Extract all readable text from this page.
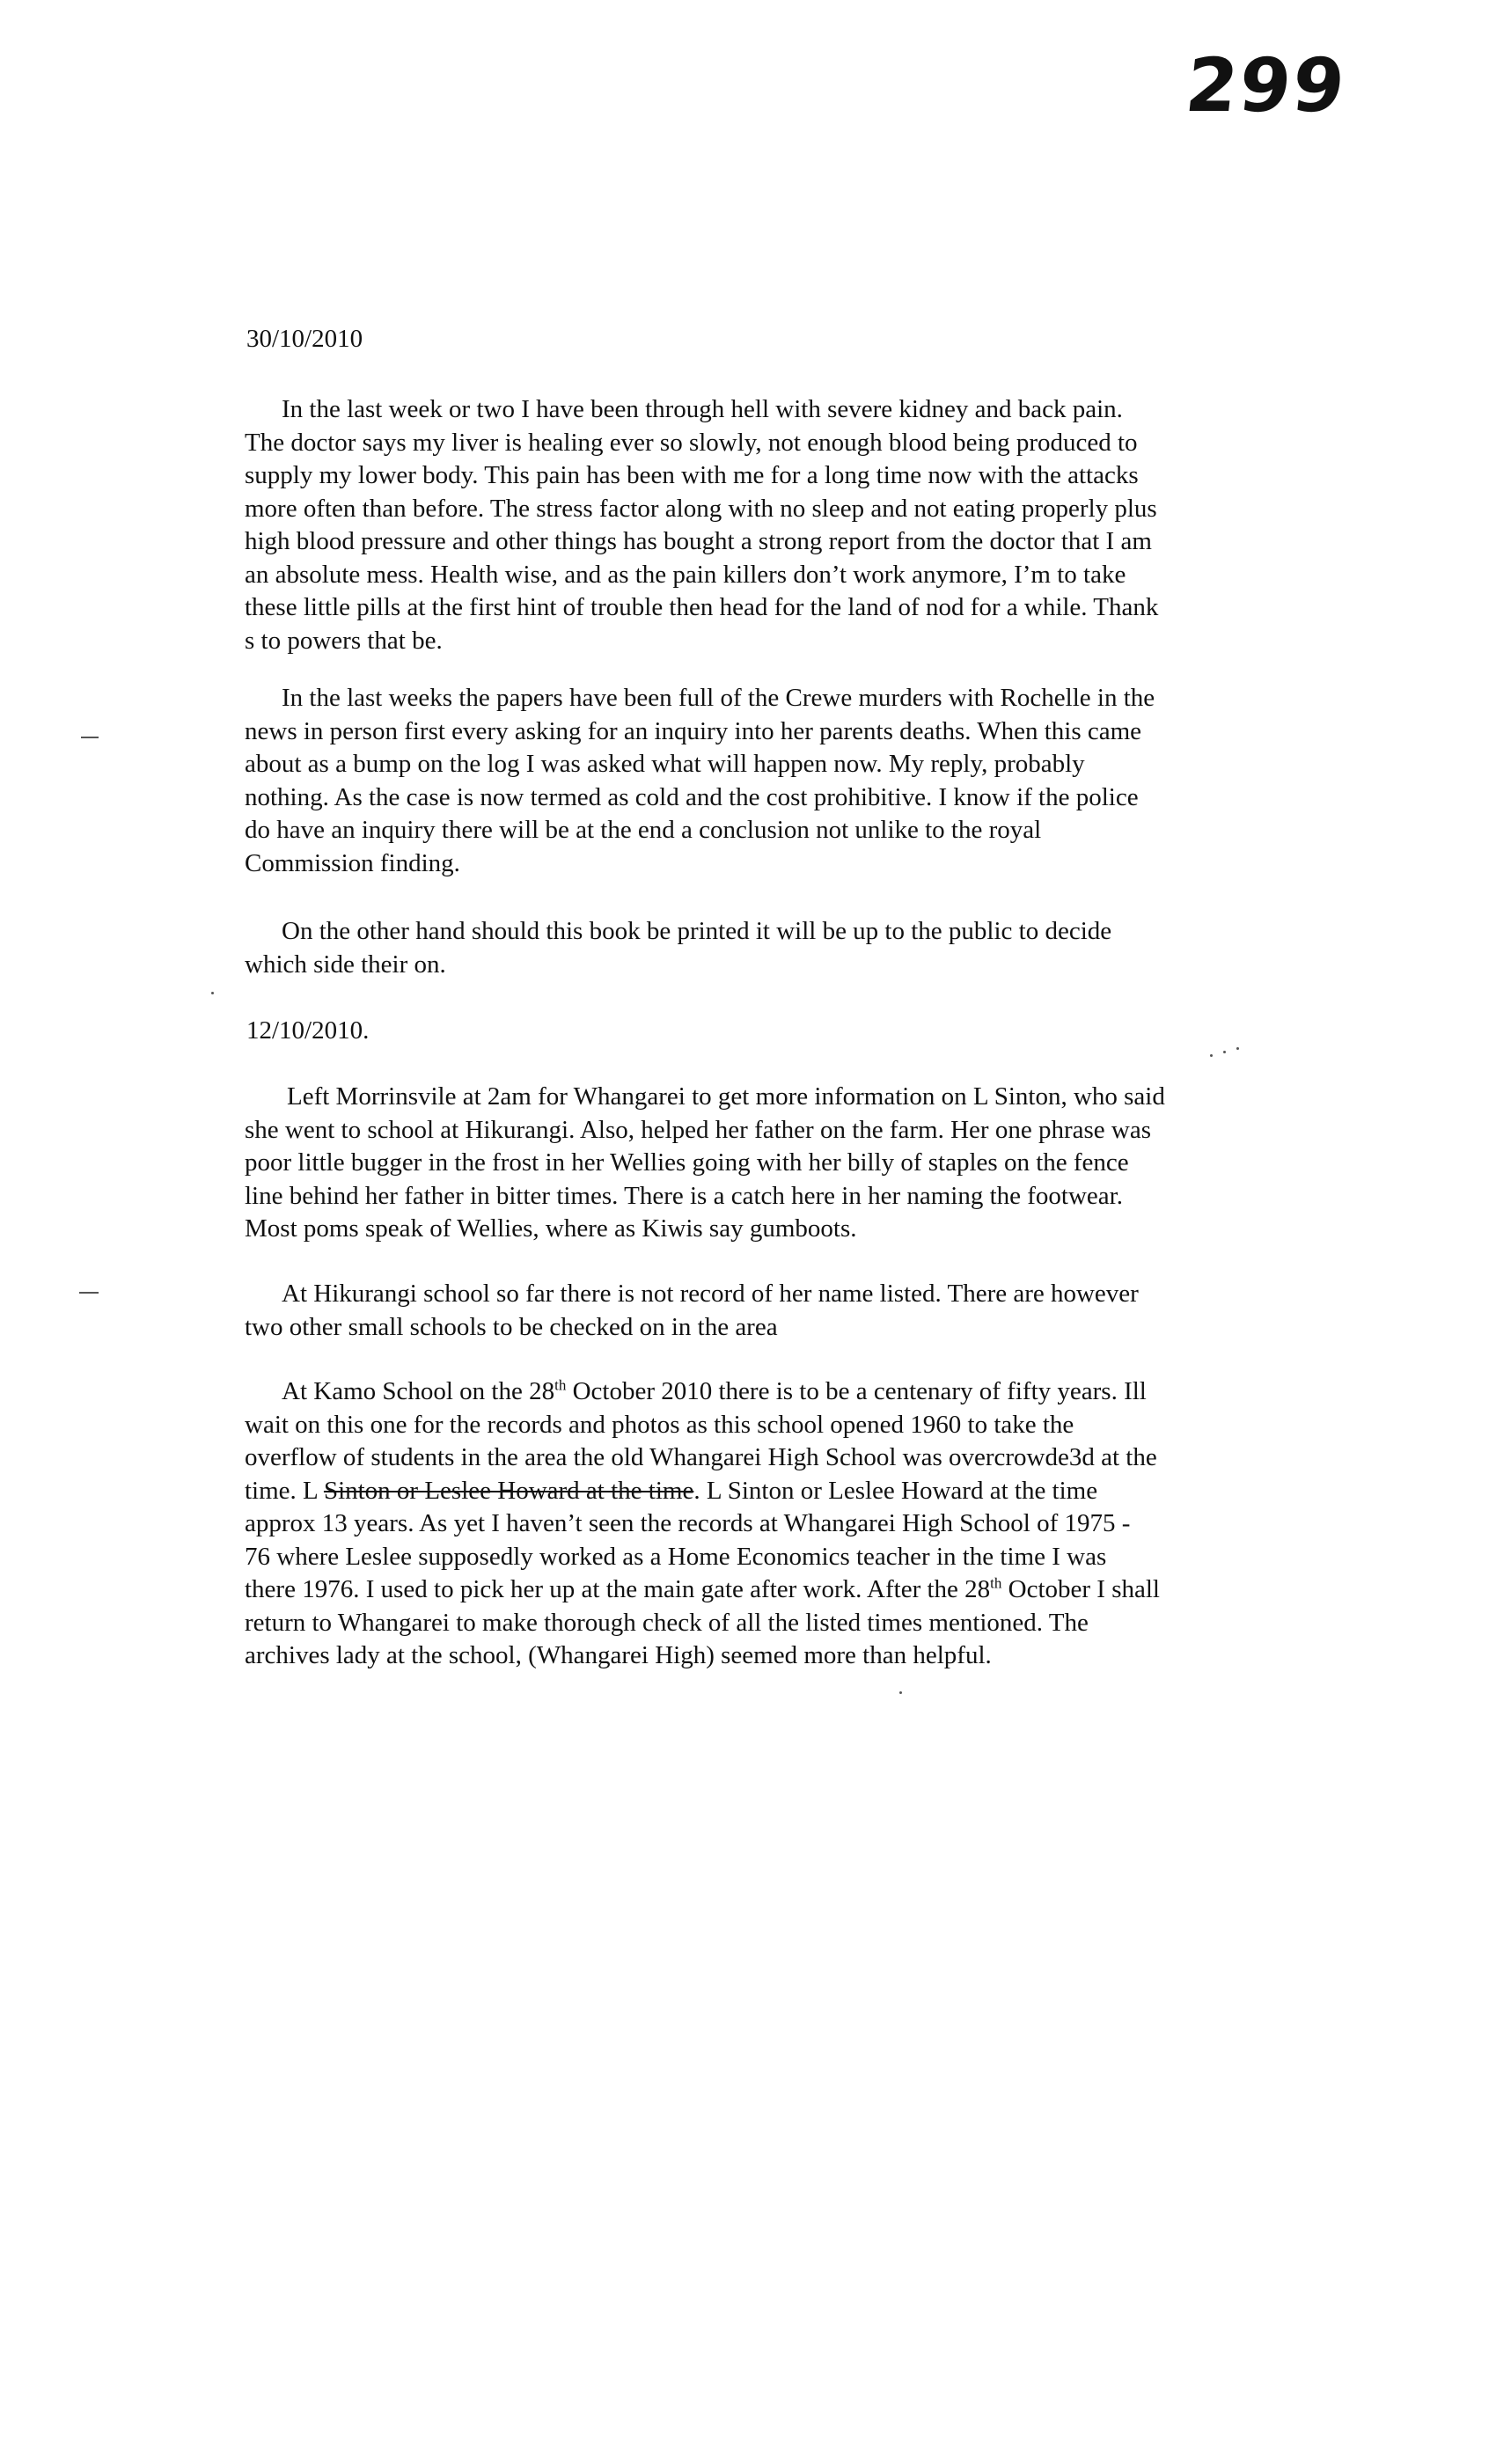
299
30/10/2010
In the last week or two I have been through hell with severe kidney and back pain.
The doctor says my liver is healing ever so slowly, not enough blood being produced to
supply my lower body. This pain has been with me for a long time now with the attacks
more often than before. The stress factor along with no sleep and not eating properly plus
high blood pressure and other things has bought a strong report from the doctor that I am
an absolute mess. Health wise, and as the pain killers don’t work anymore, I’m to take
these little pills at the first hint of trouble then head for the land of nod for a while. Thank
s to powers that be.
In the last weeks the papers have been full of the Crewe murders with Rochelle in the
news in person first every asking for an inquiry into her parents deaths. When this came
about as a bump on the log I was asked what will happen now. My reply, probably
nothing. As the case is now termed as cold and the cost prohibitive. I know if the police
do have an inquiry there will be at the end a conclusion not unlike to the royal
Commission finding.
On the other hand should this book be printed it will be up to the public to decide
which side their on.
12/10/2010.
Left Morrinsvile at 2am for Whangarei to get more information on L Sinton, who said
she went to school at Hikurangi. Also, helped her father on the farm. Her one phrase was
poor little bugger in the frost in her Wellies going with her billy of staples on the fence
line behind her father in bitter times. There is a catch here in her naming the footwear.
Most poms speak of Wellies, where as Kiwis say gumboots.
At Hikurangi school so far there is not record of her name listed. There are however
two other small schools to be checked on in the area
At Kamo School on the 28th October 2010 there is to be a centenary of fifty years. Ill
wait on this one for the records and photos as this school opened 1960 to take the
overflow of students in the area the old Whangarei High School was overcrowde3d at the
time. L Sinton or Leslee Howard at the time. L Sinton or Leslee Howard at the time
approx 13 years. As yet I haven’t seen the records at Whangarei High School of 1975 -
76 where Leslee supposedly worked as a Home Economics teacher in the time I was
there 1976. I used to pick her up at the main gate after work. After the 28th October I shall
return to Whangarei to make thorough check of all the listed times mentioned. The
archives lady at the school, (Whangarei High) seemed more than helpful.
